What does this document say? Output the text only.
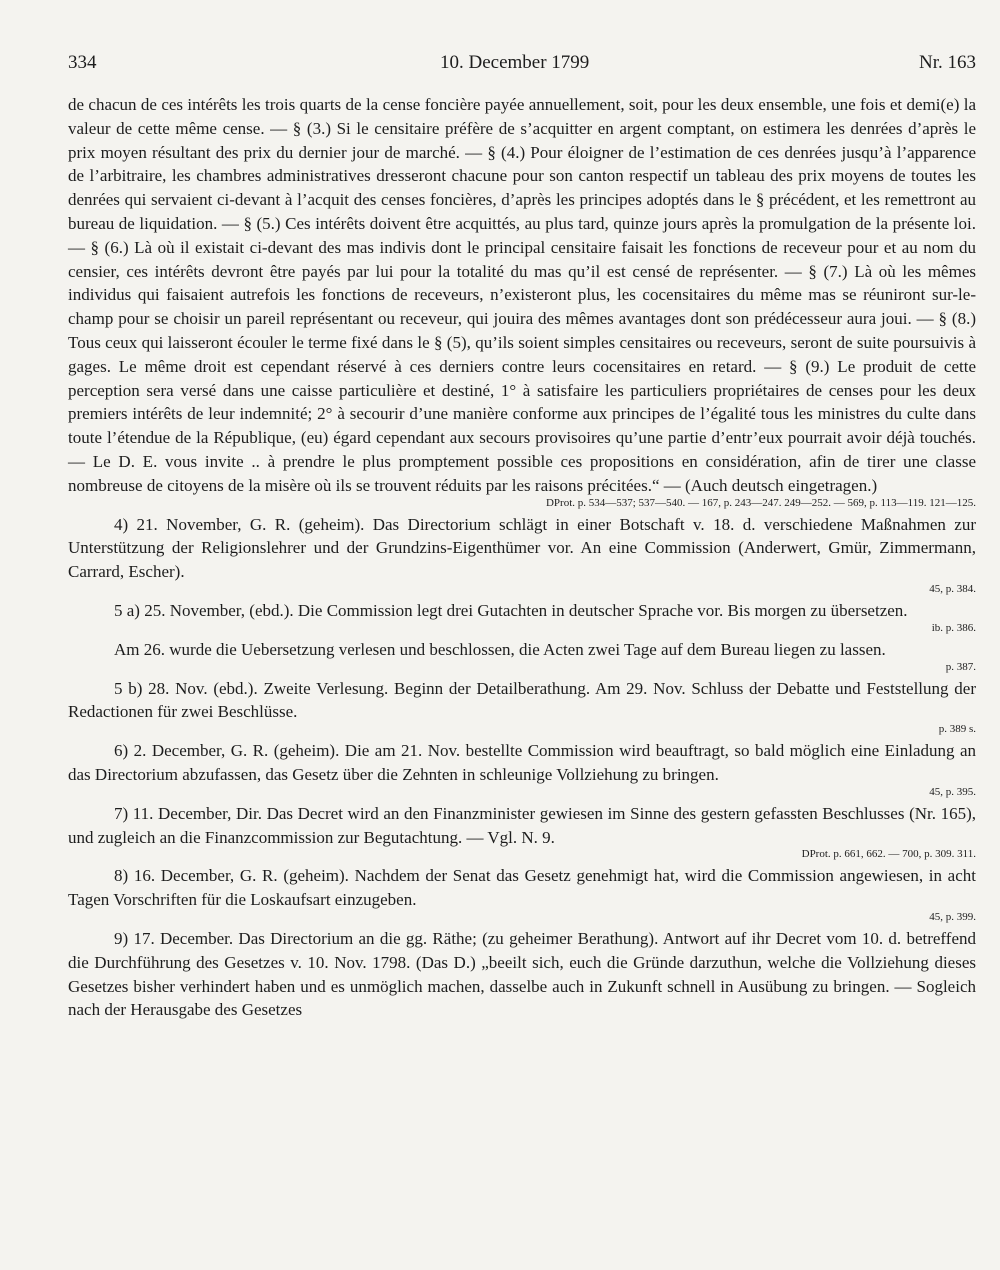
334	10. December 1799	Nr. 163

de chacun de ces intérêts les trois quarts de la cense foncière payée annuellement, soit, pour les deux ensemble, une fois et demi(e) la valeur de cette même cense. — § (3.) Si le censitaire préfère de s’acquitter en argent comptant, on estimera les denrées d’après le prix moyen résultant des prix du dernier jour de marché. — § (4.) Pour éloigner de l’estimation de ces denrées jusqu’à l’apparence de l’arbitraire, les chambres administratives dresseront chacune pour son canton respectif un tableau des prix moyens de toutes les denrées qui servaient ci-devant à l’acquit des censes foncières, d’après les principes adoptés dans le § précédent, et les remettront au bureau de liquidation. — § (5.) Ces intérêts doivent être acquittés, au plus tard, quinze jours après la promulgation de la présente loi. — § (6.) Là où il existait ci-devant des mas indivis dont le principal censitaire faisait les fonctions de receveur pour et au nom du censier, ces intérêts devront être payés par lui pour la totalité du mas qu’il est censé de représenter. — § (7.) Là où les mêmes individus qui faisaient autrefois les fonctions de receveurs, n’existeront plus, les cocensitaires du même mas se réuniront sur-le-champ pour se choisir un pareil représentant ou receveur, qui jouira des mêmes avantages dont son prédécesseur aura joui. — § (8.) Tous ceux qui laisseront écouler le terme fixé dans le § (5), qu’ils soient simples censitaires ou receveurs, seront de suite poursuivis à gages. Le même droit est cependant réservé à ces derniers contre leurs cocensitaires en retard. — § (9.) Le produit de cette perception sera versé dans une caisse particulière et destiné, 1° à satisfaire les particuliers propriétaires de censes pour les deux premiers intérêts de leur indemnité; 2° à secourir d’une manière conforme aux principes de l’égalité tous les ministres du culte dans toute l’étendue de la République, (eu) égard cependant aux secours provisoires qu’une partie d’entr’eux pourrait avoir déjà touchés. — Le D. E. vous invite .. à prendre le plus promptement possible ces propositions en considération, afin de tirer une classe nombreuse de citoyens de la misère où ils se trouvent réduits par les raisons précitées.“ — (Auch deutsch eingetragen.)

DProt. p. 534—537; 537—540. — 167, p. 243—247. 249—252. — 569, p. 113—119. 121—125.

4) 21. November, G. R. (geheim). Das Directorium schlägt in einer Botschaft v. 18. d. verschiedene Maßnahmen zur Unterstützung der Religionslehrer und der Grundzins-Eigenthümer vor. An eine Commission (Anderwert, Gmür, Zimmermann, Carrard, Escher).

45, p. 384.

5 a) 25. November, (ebd.). Die Commission legt drei Gutachten in deutscher Sprache vor. Bis morgen zu übersetzen.

ib. p. 386.

Am 26. wurde die Uebersetzung verlesen und beschlossen, die Acten zwei Tage auf dem Bureau liegen zu lassen.

p. 387.

5 b) 28. Nov. (ebd.). Zweite Verlesung. Beginn der Detailberathung. Am 29. Nov. Schluss der Debatte und Feststellung der Redactionen für zwei Beschlüsse.

p. 389 s.

6) 2. December, G. R. (geheim). Die am 21. Nov. bestellte Commission wird beauftragt, so bald möglich eine Einladung an das Directorium abzufassen, das Gesetz über die Zehnten in schleunige Vollziehung zu bringen.

45, p. 395.

7) 11. December, Dir. Das Decret wird an den Finanzminister gewiesen im Sinne des gestern gefassten Beschlusses (Nr. 165), und zugleich an die Finanzcommission zur Begutachtung. — Vgl. N. 9.

DProt. p. 661, 662. — 700, p. 309. 311.

8) 16. December, G. R. (geheim). Nachdem der Senat das Gesetz genehmigt hat, wird die Commission angewiesen, in acht Tagen Vorschriften für die Loskaufsart einzugeben.

45, p. 399.

9) 17. December. Das Directorium an die gg. Räthe; (zu geheimer Berathung). Antwort auf ihr Decret vom 10. d. betreffend die Durchführung des Gesetzes v. 10. Nov. 1798. (Das D.) „beeilt sich, euch die Gründe darzuthun, welche die Vollziehung dieses Gesetzes bisher verhindert haben und es unmöglich machen, dasselbe auch in Zukunft schnell in Ausübung zu bringen. — Sogleich nach der Herausgabe des Gesetzes
